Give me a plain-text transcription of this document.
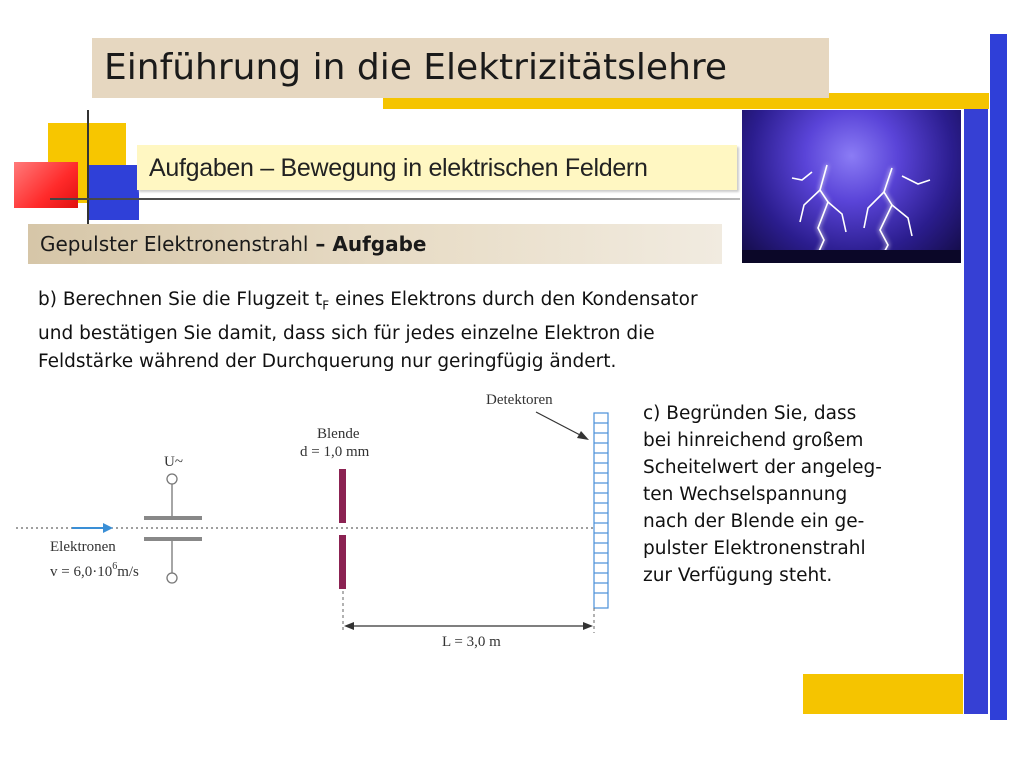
Einführung in die Elektrizitätslehre
Aufgaben – Bewegung in elektrischen Feldern
Gepulster Elektronenstrahl – Aufgabe
b) Berechnen Sie die Flugzeit $t_F$ eines Elektrons durch den Kondensator
und bestätigen Sie damit, dass sich für jedes einzelne Elektron die
Feldstärke während der Durchquerung nur geringfügig ändert.
c) Begründen Sie, dass
bei hinreichend großem
Scheitelwert der angeleg-
ten Wechselspannung
nach der Blende ein ge-
pulster Elektronenstrahl
zur Verfügung steht.
Elektronen
$v = 6,0\cdot 10^6m/s$
U~
Blende
d = 1,0 mm
Detektoren
L = 3,0 m
